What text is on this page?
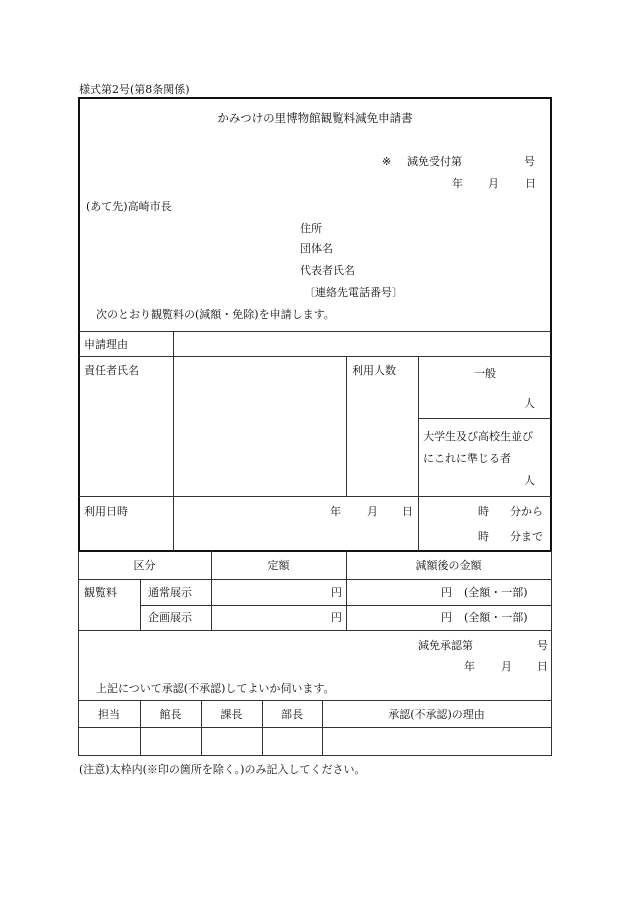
様式第2号(第8条関係)
かみつけの里博物館観覧料減免申請書
※ 減免受付第	号
年 月 日
(あて先)高崎市長
住所
団体名
代表者氏名
〔連絡先電話番号〕
次のとおり観覧料の(減額・免除)を申請します。
申請理由
責任者氏名	利用人数	一般
人
大学生及び高校生並び
にこれに準じる者
人
利用日時	年 月 日	時 分から
時 分まで
区分	定額	減額後の金額
観覧料	通常展示	円	円 (全額・一部)
企画展示	円	円 (全額・一部)
減免承認第	号
年 月 日
上記について承認(不承認)してよいか伺います。
担当	館長	課長	部長	承認(不承認)の理由
(注意)太枠内(※印の箇所を除く。)のみ記入してください。
